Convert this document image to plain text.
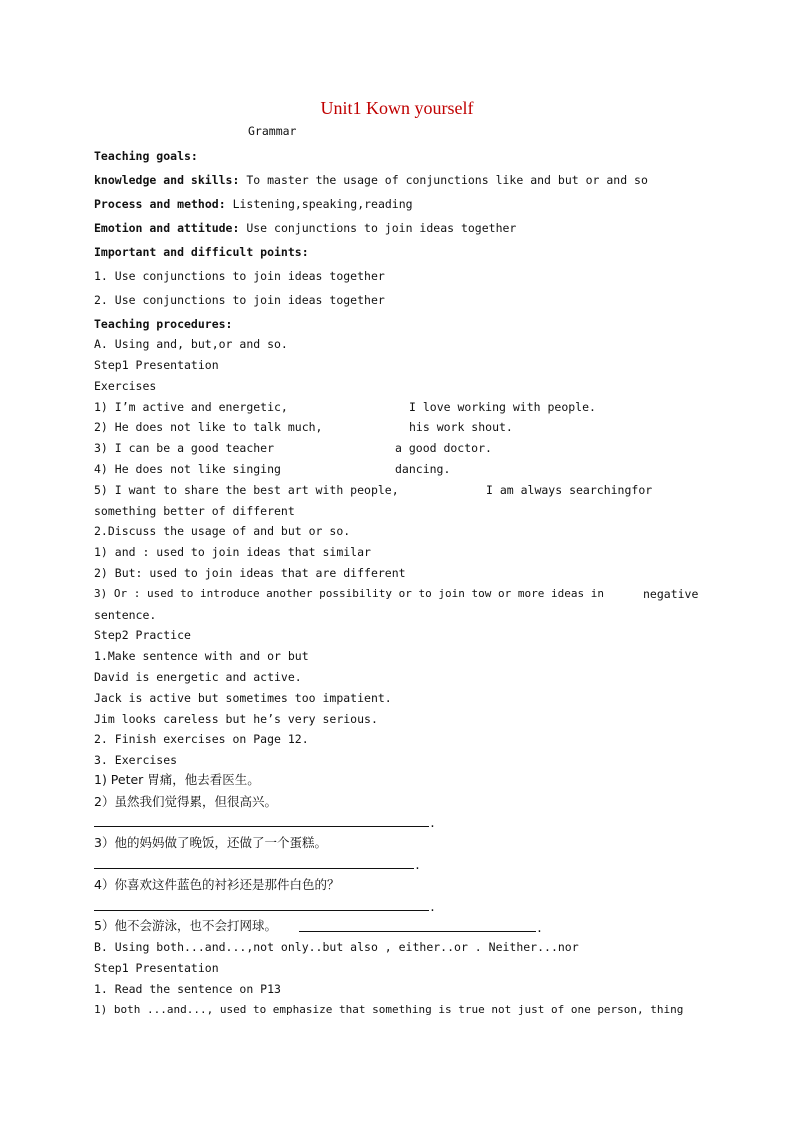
Unit1 Kown yourself
Grammar
Teaching goals:
knowledge and skills: To master the usage of conjunctions like and but or and so
Process and method: Listening,speaking,reading
Emotion and attitude: Use conjunctions to join ideas together
Important and difficult points:
1. Use conjunctions to join ideas together
2. Use conjunctions to join ideas together
Teaching procedures:
A. Using and, but,or and so.
Step1 Presentation
Exercises
1) I’m active and energetic,	I love working with people.
2) He does not like to talk much,	his work shout.
3) I can be a good teacher	a good doctor.
4) He does not like singing	dancing.
5) I want to share the best art with people,	I am always searchingfor
something better of different
2.Discuss the usage of and but or so.
1) and : used to join ideas that similar
2) But: used to join ideas that are different
3) Or : used to introduce another possibility or to join tow or more ideas in	negative
sentence.
Step2 Practice
1.Make sentence with and or but
David is energetic and active.
Jack is active but sometimes too impatient.
Jim looks careless but he’s very serious.
2. Finish exercises on Page 12.
3. Exercises
1) Peter 胃痛，他去看医生。
2）虽然我们觉得累，但很高兴。
.
3）他的妈妈做了晚饭，还做了一个蛋糕。
.
4）你喜欢这件蓝色的衬衫还是那件白色的？
.
5）他不会游泳，也不会打网球。	.
B. Using both...and...,not only..but also , either..or . Neither...nor
Step1 Presentation
1. Read the sentence on P13
1) both ...and..., used to emphasize that something is true not just of one person, thing
